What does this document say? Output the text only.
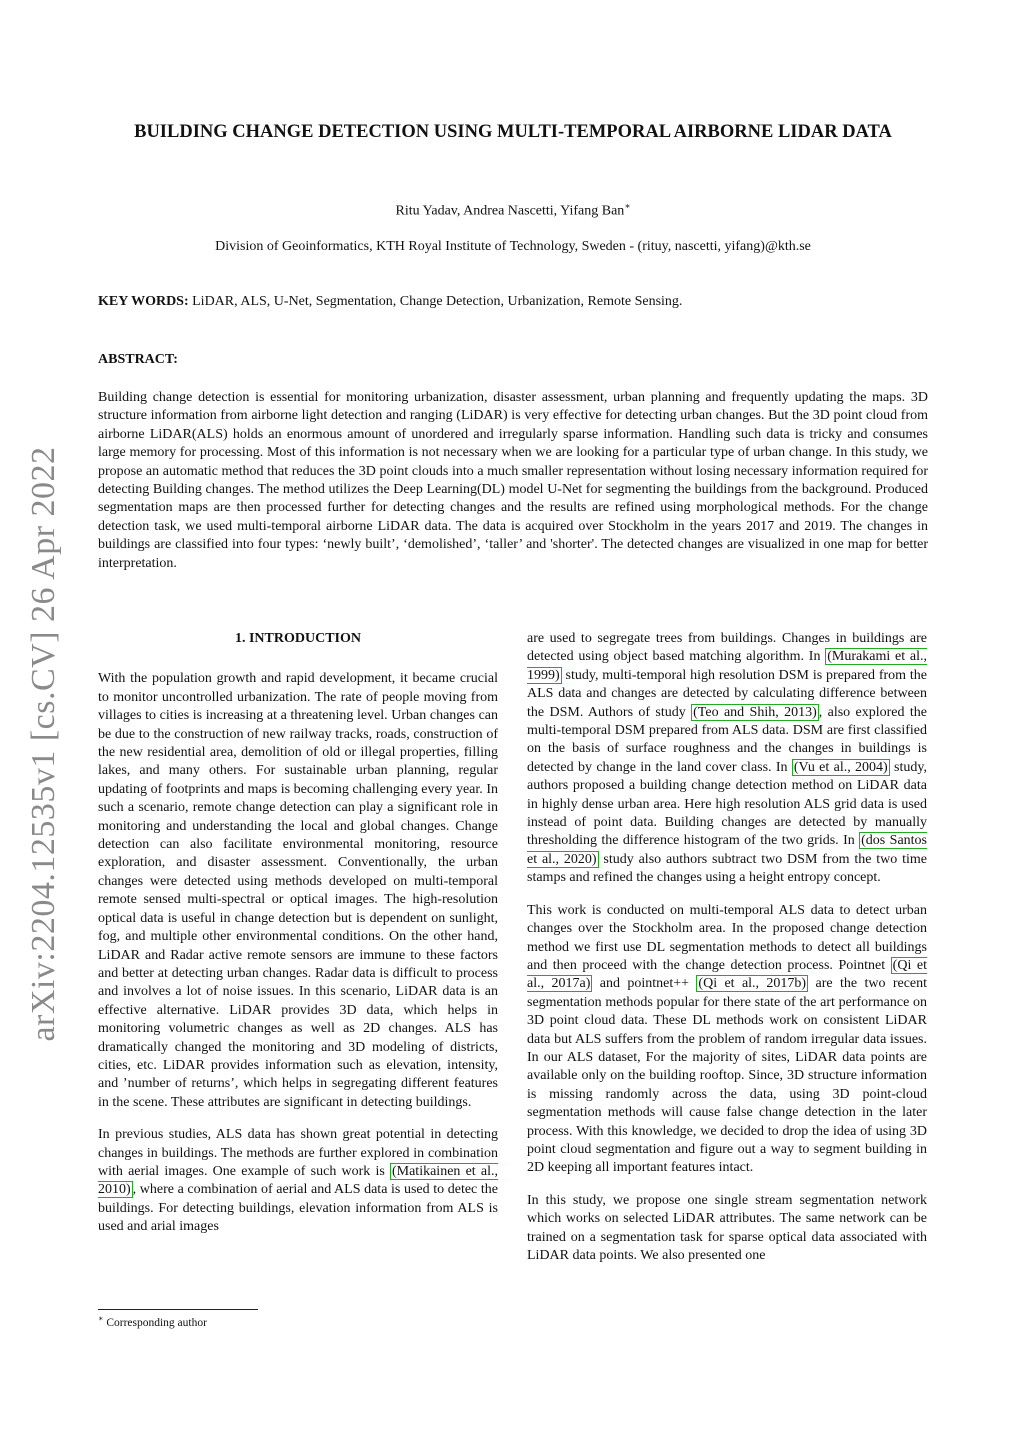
arXiv:2204.12535v1 [cs.CV] 26 Apr 2022
BUILDING CHANGE DETECTION USING MULTI-TEMPORAL AIRBORNE LIDAR DATA
Ritu Yadav, Andrea Nascetti, Yifang Ban∗
Division of Geoinformatics, KTH Royal Institute of Technology, Sweden - (rituy, nascetti, yifang)@kth.se
KEY WORDS: LiDAR, ALS, U-Net, Segmentation, Change Detection, Urbanization, Remote Sensing.
ABSTRACT:

Building change detection is essential for monitoring urbanization, disaster assessment, urban planning and frequently updating the maps. 3D structure information from airborne light detection and ranging (LiDAR) is very effective for detecting urban changes. But the 3D point cloud from airborne LiDAR(ALS) holds an enormous amount of unordered and irregularly sparse information. Handling such data is tricky and consumes large memory for processing. Most of this information is not necessary when we are looking for a particular type of urban change. In this study, we propose an automatic method that reduces the 3D point clouds into a much smaller representation without losing necessary information required for detecting Building changes. The method utilizes the Deep Learning(DL) model U-Net for segmenting the buildings from the background. Produced segmentation maps are then processed further for detecting changes and the results are refined using morphological methods. For the change detection task, we used multi-temporal airborne LiDAR data. The data is acquired over Stockholm in the years 2017 and 2019. The changes in buildings are classified into four types: ‘newly built’, ‘demolished’, ‘taller’ and 'shorter'. The detected changes are visualized in one map for better interpretation.

1. INTRODUCTION

With the population growth and rapid development, it became crucial to monitor uncontrolled urbanization. The rate of people moving from villages to cities is increasing at a threatening level. Urban changes can be due to the construction of new railway tracks, roads, construction of the new residential area, demolition of old or illegal properties, filling lakes, and many others. For sustainable urban planning, regular updating of footprints and maps is becoming challenging every year. In such a scenario, remote change detection can play a significant role in monitoring and understanding the local and global changes. Change detection can also facilitate environmental monitoring, resource exploration, and disaster assessment. Conventionally, the urban changes were detected using methods developed on multi-temporal remote sensed multi-spectral or optical images. The high-resolution optical data is useful in change detection but is dependent on sunlight, fog, and multiple other environmental conditions. On the other hand, LiDAR and Radar active remote sensors are immune to these factors and better at detecting urban changes. Radar data is difficult to process and involves a lot of noise issues. In this scenario, LiDAR data is an effective alternative. LiDAR provides 3D data, which helps in monitoring volumetric changes as well as 2D changes. ALS has dramatically changed the monitoring and 3D modeling of districts, cities, etc. LiDAR provides information such as elevation, intensity, and ’number of returns’, which helps in segregating different features in the scene. These attributes are significant in detecting buildings.

In previous studies, ALS data has shown great potential in detecting changes in buildings. The methods are further explored in combination with aerial images. One example of such work is (Matikainen et al., 2010) , where a combination of aerial and ALS data is used to detec the buildings. For detecting buildings, elevation information from ALS is used and arial images

are used to segregate trees from buildings. Changes in buildings are detected using object based matching algorithm. In (Murakami et al., 1999) study, multi-temporal high resolution DSM is prepared from the ALS data and changes are detected by calculating difference between the DSM. Authors of study (Teo and Shih, 2013) , also explored the multi-temporal DSM prepared from ALS data. DSM are first classified on the basis of surface roughness and the changes in buildings is detected by change in the land cover class. In (Vu et al., 2004) study, authors proposed a building change detection method on LiDAR data in highly dense urban area. Here high resolution ALS grid data is used instead of point data. Building changes are detected by manually thresholding the difference histogram of the two grids. In (dos Santos et al., 2020) study also authors subtract two DSM from the two time stamps and refined the changes using a height entropy concept.

This work is conducted on multi-temporal ALS data to detect urban changes over the Stockholm area. In the proposed change detection method we first use DL segmentation methods to detect all buildings and then proceed with the change detection process. Pointnet (Qi et al., 2017a) and pointnet++ (Qi et al., 2017b) are the two recent segmentation methods popular for there state of the art performance on 3D point cloud data. These DL methods work on consistent LiDAR data but ALS suffers from the problem of random irregular data issues. In our ALS dataset, For the majority of sites, LiDAR data points are available only on the building rooftop. Since, 3D structure information is missing randomly across the data, using 3D point-cloud segmentation methods will cause false change detection in the later process. With this knowledge, we decided to drop the idea of using 3D point cloud segmentation and figure out a way to segment building in 2D keeping all important features intact.

In this study, we propose one single stream segmentation network which works on selected LiDAR attributes. The same network can be trained on a segmentation task for sparse optical data associated with LiDAR data points. We also presented one

∗ Corresponding author
